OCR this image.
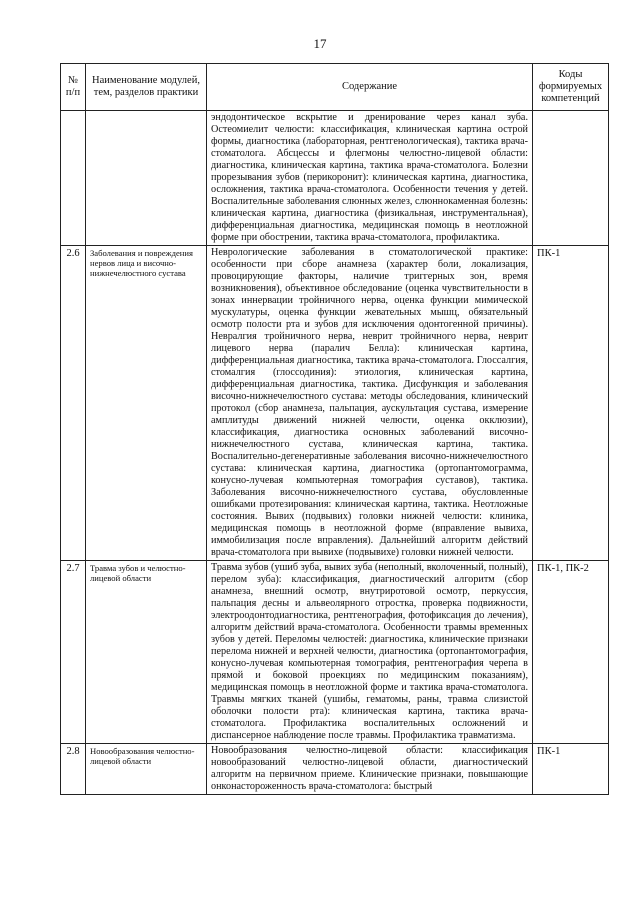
17
№ п/п	Наименование модулей, тем, разделов практики	Содержание	Коды формируемых компетенций
		эндодонтическое вскрытие и дренирование через канал зуба. Остеомиелит челюсти: классификация, клиническая картина острой формы, диагностика (лабораторная, рентгенологическая), тактика врача-стоматолога. Абсцессы и флегмоны челюстно-лицевой области: диагностика, клиническая картина, тактика врача-стоматолога. Болезни прорезывания зубов (перикоронит): клиническая картина, диагностика, осложнения, тактика врача-стоматолога. Особенности течения у детей. Воспалительные заболевания слюнных желез, слюннокаменная болезнь: клиническая картина, диагностика (физикальная, инструментальная), дифференциальная диагностика, медицинская помощь в неотложной форме при обострении, тактика врача-стоматолога, профилактика.	
2.6	Заболевания и повреждения нервов лица и височно-нижнечелюстного сустава	Неврологические заболевания в стоматологической практике: особенности при сборе анамнеза (характер боли, локализация, провоцирующие факторы, наличие триггерных зон, время возникновения), объективное обследование (оценка чувствительности в зонах иннервации тройничного нерва, оценка функции мимической мускулатуры, оценка функции жевательных мышц, обязательный осмотр полости рта и зубов для исключения одонтогенной причины). Невралгия тройничного нерва, неврит тройничного нерва, неврит лицевого нерва (паралич Белла): клиническая картина, дифференциальная диагностика, тактика врача-стоматолога. Глоссалгия, стомалгия (глоссодиния): этиология, клиническая картина, дифференциальная диагностика, тактика. Дисфункция и заболевания височно-нижнечелюстного сустава: методы обследования, клинический протокол (сбор анамнеза, пальпация, аускультация сустава, измерение амплитуды движений нижней челюсти, оценка окклюзии), классификация, диагностика основных заболеваний височно-нижнечелюстного сустава, клиническая картина, тактика. Воспалительно-дегенеративные заболевания височно-нижнечелюстного сустава: клиническая картина, диагностика (ортопантомограмма, конусно-лучевая компьютерная томография суставов), тактика. Заболевания височно-нижнечелюстного сустава, обусловленные ошибками протезирования: клиническая картина, тактика. Неотложные состояния. Вывих (подвывих) головки нижней челюсти: клиника, медицинская помощь в неотложной форме (вправление вывиха, иммобилизация после вправления). Дальнейший алгоритм действий врача-стоматолога при вывихе (подвывихе) головки нижней челюсти.	ПК-1
2.7	Травма зубов и челюстно-лицевой области	Травма зубов (ушиб зуба, вывих зуба (неполный, вколоченный, полный), перелом зуба): классификация, диагностический алгоритм (сбор анамнеза, внешний осмотр, внутриротовой осмотр, перкуссия, пальпация десны и альвеолярного отростка, проверка подвижности, электроодонтодиагностика, рентгенография, фотофиксация до лечения), алгоритм действий врача-стоматолога. Особенности травмы временных зубов у детей. Переломы челюстей: диагностика, клинические признаки перелома нижней и верхней челюсти, диагностика (ортопантомография, конусно-лучевая компьютерная томография, рентгенография черепа в прямой и боковой проекциях по медицинским показаниям), медицинская помощь в неотложной форме и тактика врача-стоматолога. Травмы мягких тканей (ушибы, гематомы, раны, травма слизистой оболочки полости рта): клиническая картина, тактика врача-стоматолога. Профилактика воспалительных осложнений и диспансерное наблюдение после травмы. Профилактика травматизма.	ПК-1, ПК-2
2.8	Новообразования челюстно-лицевой области	Новообразования челюстно-лицевой области: классификация новообразований челюстно-лицевой области, диагностический алгоритм на первичном приеме. Клинические признаки, повышающие онконастороженность врача-стоматолога: быстрый	ПК-1
